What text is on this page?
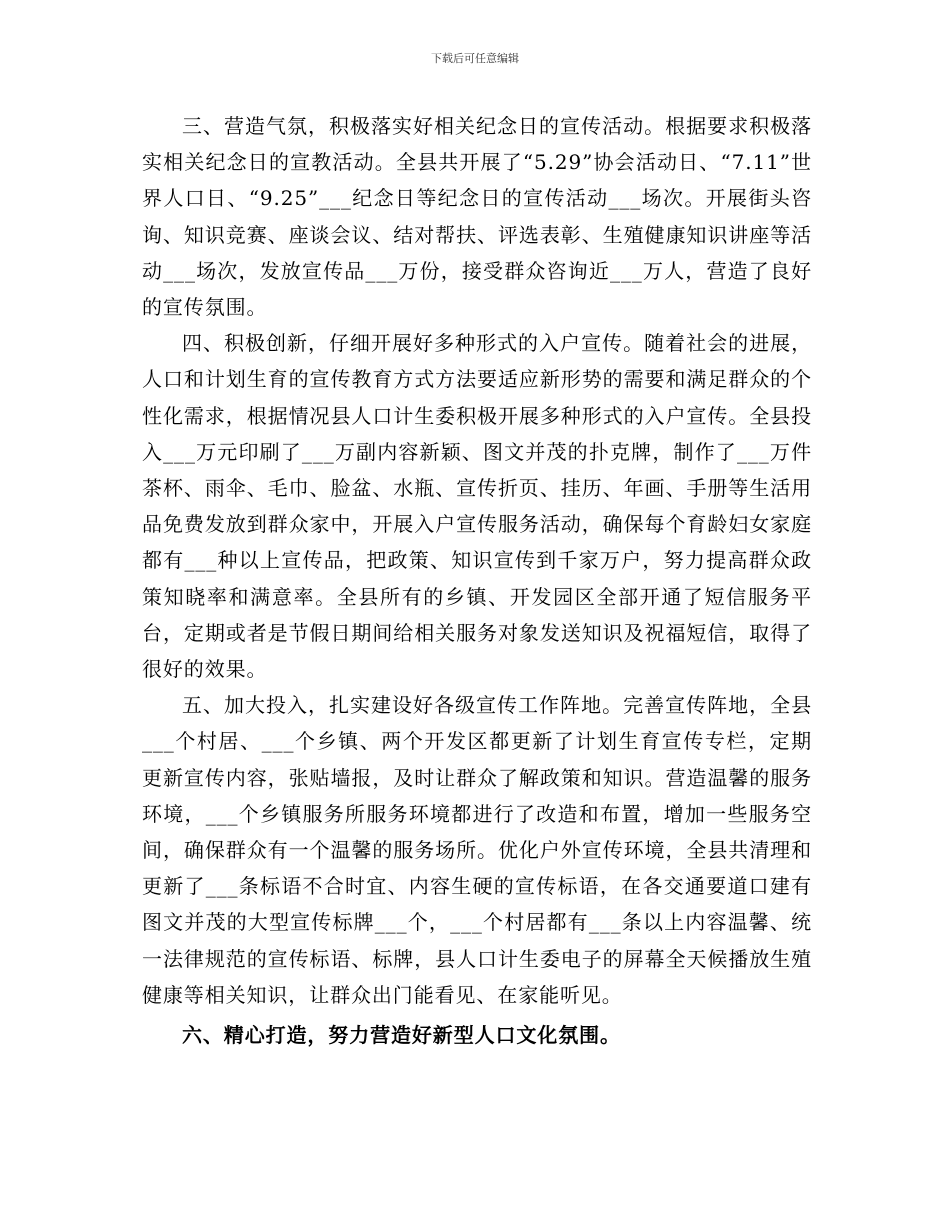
下载后可任意编辑

三、营造气氛，积极落实好相关纪念日的宣传活动。根据要求积极落实相关纪念日的宣教活动。全县共开展了“5.29”协会活动日、“7.11”世界人口日、“9.25”___纪念日等纪念日的宣传活动___场次。开展街头咨询、知识竞赛、座谈会议、结对帮扶、评选表彰、生殖健康知识讲座等活动___场次，发放宣传品___万份，接受群众咨询近___万人，营造了良好的宣传氛围。

四、积极创新，仔细开展好多种形式的入户宣传。随着社会的进展，人口和计划生育的宣传教育方式方法要适应新形势的需要和满足群众的个性化需求，根据情况县人口计生委积极开展多种形式的入户宣传。全县投入___万元印刷了___万副内容新颖、图文并茂的扑克牌，制作了___万件茶杯、雨伞、毛巾、脸盆、水瓶、宣传折页、挂历、年画、手册等生活用品免费发放到群众家中，开展入户宣传服务活动，确保每个育龄妇女家庭都有___种以上宣传品，把政策、知识宣传到千家万户，努力提高群众政策知晓率和满意率。全县所有的乡镇、开发园区全部开通了短信服务平台，定期或者是节假日期间给相关服务对象发送知识及祝福短信，取得了很好的效果。

五、加大投入，扎实建设好各级宣传工作阵地。完善宣传阵地，全县___个村居、___个乡镇、两个开发区都更新了计划生育宣传专栏，定期更新宣传内容，张贴墙报，及时让群众了解政策和知识。营造温馨的服务环境，___个乡镇服务所服务环境都进行了改造和布置，增加一些服务空间，确保群众有一个温馨的服务场所。优化户外宣传环境，全县共清理和更新了___条标语不合时宜、内容生硬的宣传标语，在各交通要道口建有图文并茂的大型宣传标牌___个，___个村居都有___条以上内容温馨、统一法律规范的宣传标语、标牌，县人口计生委电子的屏幕全天候播放生殖健康等相关知识，让群众出门能看见、在家能听见。

六、精心打造，努力营造好新型人口文化氛围。
